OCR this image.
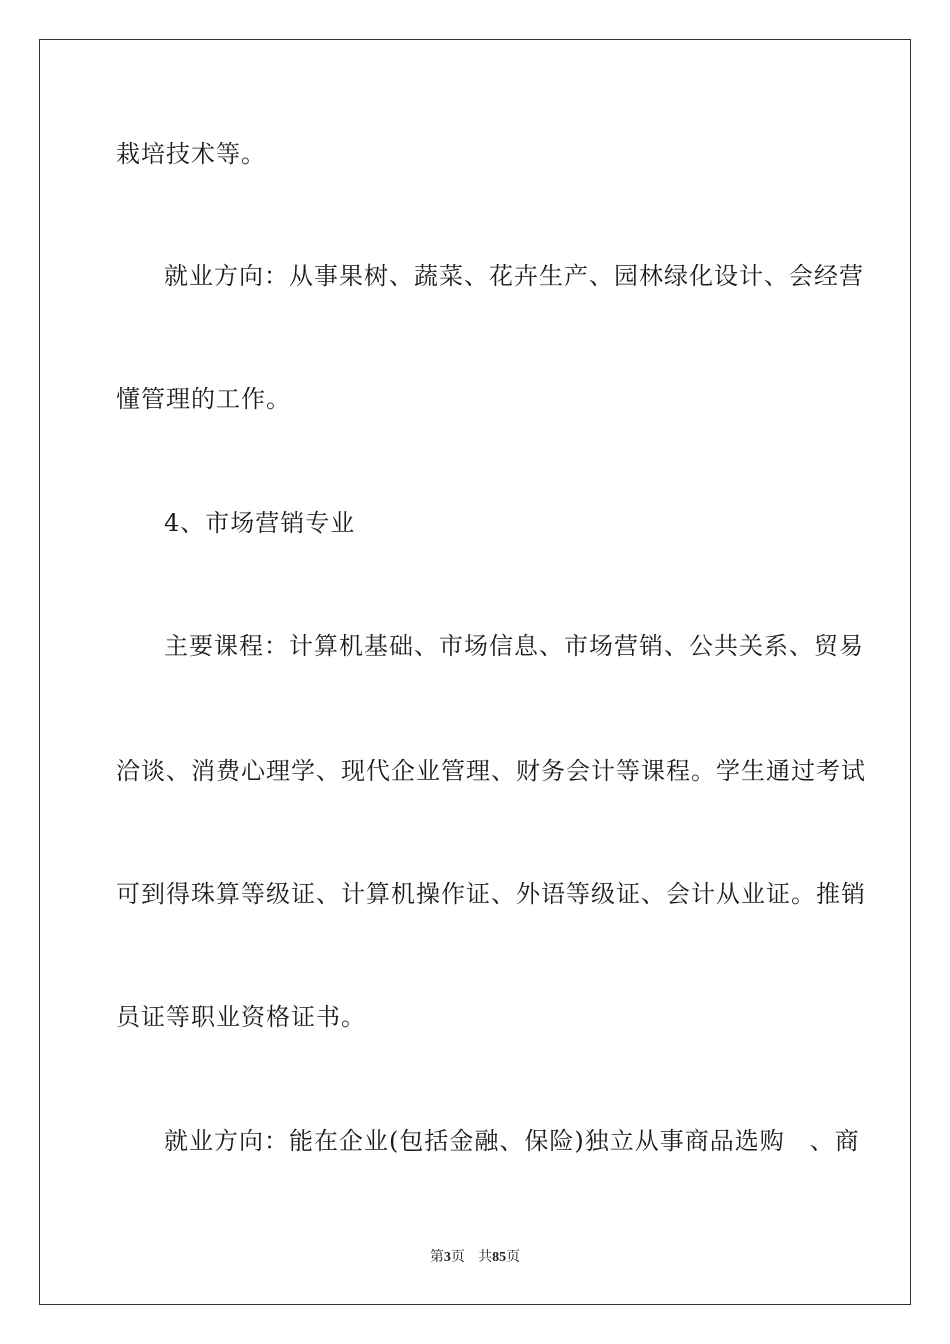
栽培技术等。
就业方向：从事果树、蔬菜、花卉生产、园林绿化设计、会经营
懂管理的工作。
4、市场营销专业
主要课程：计算机基础、市场信息、市场营销、公共关系、贸易
洽谈、消费心理学、现代企业管理、财务会计等课程。学生通过考试
可到得珠算等级证、计算机操作证、外语等级证、会计从业证。推销
员证等职业资格证书。
就业方向：能在企业(包括金融、保险)独立从事商品选购　、商
第3页 共85页
